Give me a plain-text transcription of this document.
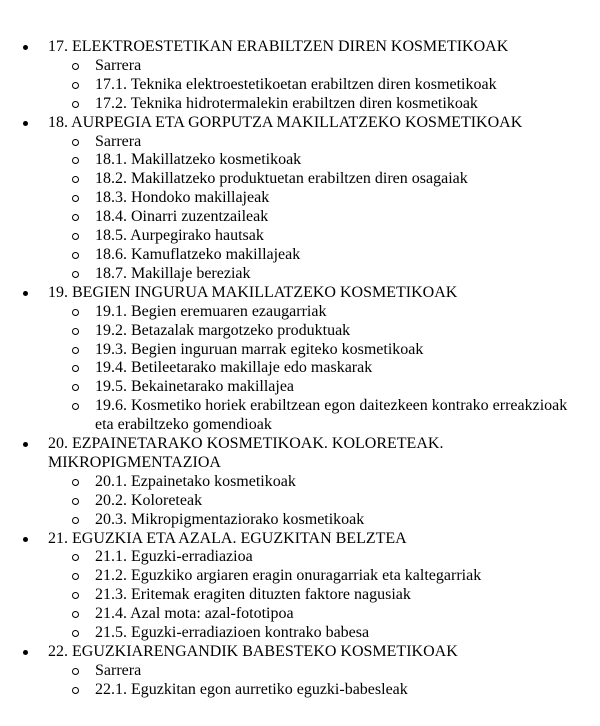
17. ELEKTROESTETIKAN ERABILTZEN DIREN KOSMETIKOAK
Sarrera
17.1. Teknika elektroestetikoetan erabiltzen diren kosmetikoak
17.2. Teknika hidrotermalekin erabiltzen diren kosmetikoak
18. AURPEGIA ETA GORPUTZA MAKILLATZEKO KOSMETIKOAK
Sarrera
18.1. Makillatzeko kosmetikoak
18.2. Makillatzeko produktuetan erabiltzen diren osagaiak
18.3. Hondoko makillajeak
18.4. Oinarri zuzentzaileak
18.5. Aurpegirako hautsak
18.6. Kamuflatzeko makillajeak
18.7. Makillaje bereziak
19. BEGIEN INGURUA MAKILLATZEKO KOSMETIKOAK
19.1. Begien eremuaren ezaugarriak
19.2. Betazalak margotzeko produktuak
19.3. Begien inguruan marrak egiteko kosmetikoak
19.4. Betileetarako makillaje edo maskarak
19.5. Bekainetarako makillajea
19.6. Kosmetiko horiek erabiltzean egon daitezkeen kontrako erreakzioak eta erabiltzeko gomendioak
20. EZPAINETARAKO KOSMETIKOAK. KOLORETEAK. MIKROPIGMENTAZIOA
20.1. Ezpainetako kosmetikoak
20.2. Koloreteak
20.3. Mikropigmentaziorako kosmetikoak
21. EGUZKIA ETA AZALA. EGUZKITAN BELZTEA
21.1. Eguzki-erradiazioa
21.2. Eguzkiko argiaren eragin onuragarriak eta kaltegarriak
21.3. Eritemak eragiten dituzten faktore nagusiak
21.4. Azal mota: azal-fototipoa
21.5. Eguzki-erradiazioen kontrako babesa
22. EGUZKIARENGANDIK BABESTEKO KOSMETIKOAK
Sarrera
22.1. Eguzkitan egon aurretiko eguzki-babesleak
